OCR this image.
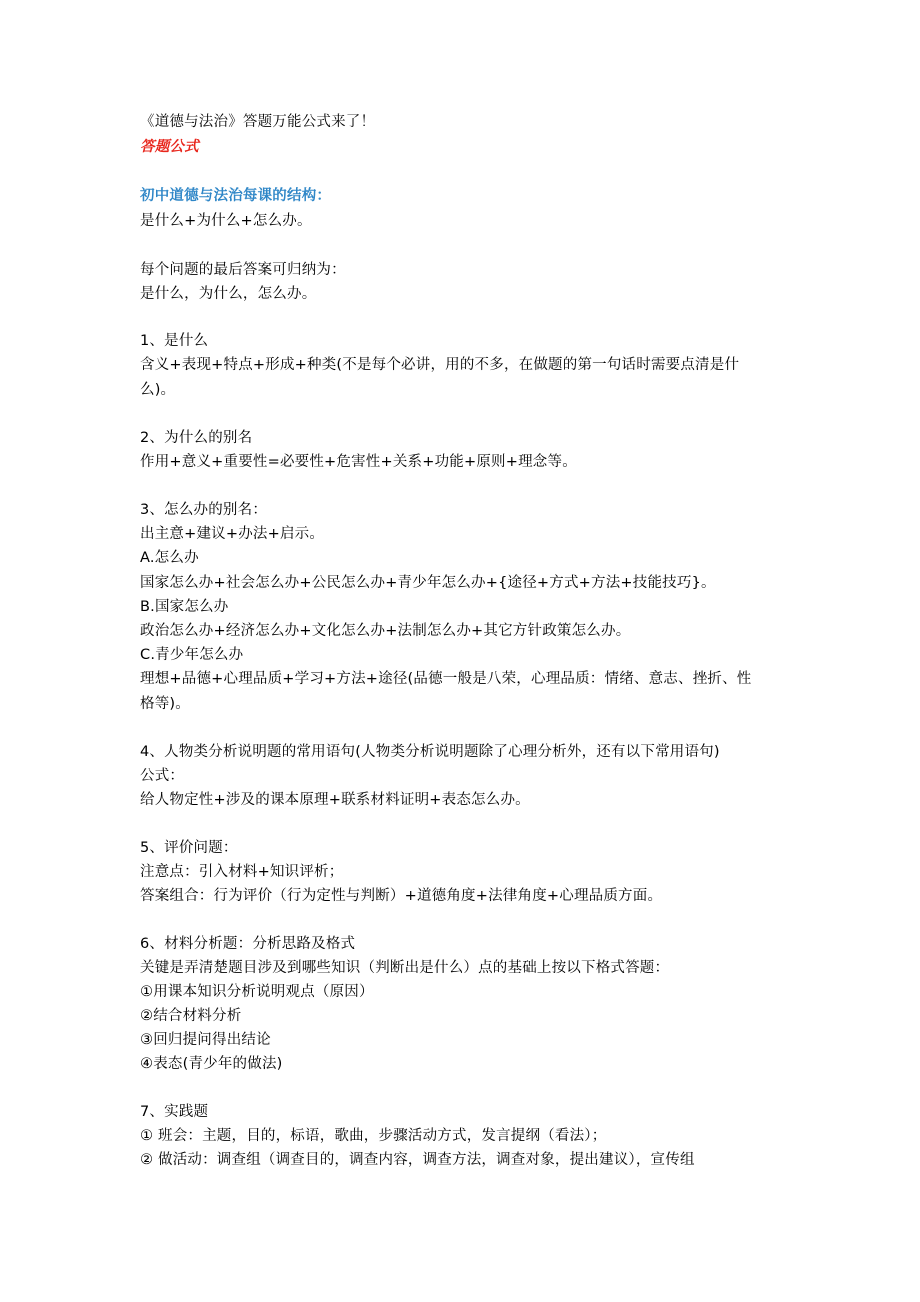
《道德与法治》答题万能公式来了！
答题公式
初中道德与法治每课的结构：
是什么+为什么+怎么办。
每个问题的最后答案可归纳为：
是什么，为什么，怎么办。
1、是什么
含义+表现+特点+形成+种类(不是每个必讲，用的不多，在做题的第一句话时需要点清是什
么)。
2、为什么的别名
作用+意义+重要性=必要性+危害性+关系+功能+原则+理念等。
3、怎么办的别名：
出主意+建议+办法+启示。
A.怎么办
国家怎么办+社会怎么办+公民怎么办+青少年怎么办+{途径+方式+方法+技能技巧}。
B.国家怎么办
政治怎么办+经济怎么办+文化怎么办+法制怎么办+其它方针政策怎么办。
C.青少年怎么办
理想+品德+心理品质+学习+方法+途径(品德一般是八荣，心理品质：情绪、意志、挫折、性
格等)。
4、人物类分析说明题的常用语句(人物类分析说明题除了心理分析外，还有以下常用语句)
公式：
给人物定性+涉及的课本原理+联系材料证明+表态怎么办。
5、评价问题：
注意点：引入材料+知识评析；
答案组合：行为评价（行为定性与判断）+道德角度+法律角度+心理品质方面。
6、材料分析题：分析思路及格式
关键是弄清楚题目涉及到哪些知识（判断出是什么）点的基础上按以下格式答题：
①用课本知识分析说明观点（原因）
②结合材料分析
③回归提问得出结论
④表态(青少年的做法)
7、实践题
① 班会：主题，目的，标语，歌曲，步骤活动方式，发言提纲（看法）；
② 做活动：调查组（调查目的，调查内容，调查方法，调查对象，提出建议），宣传组
